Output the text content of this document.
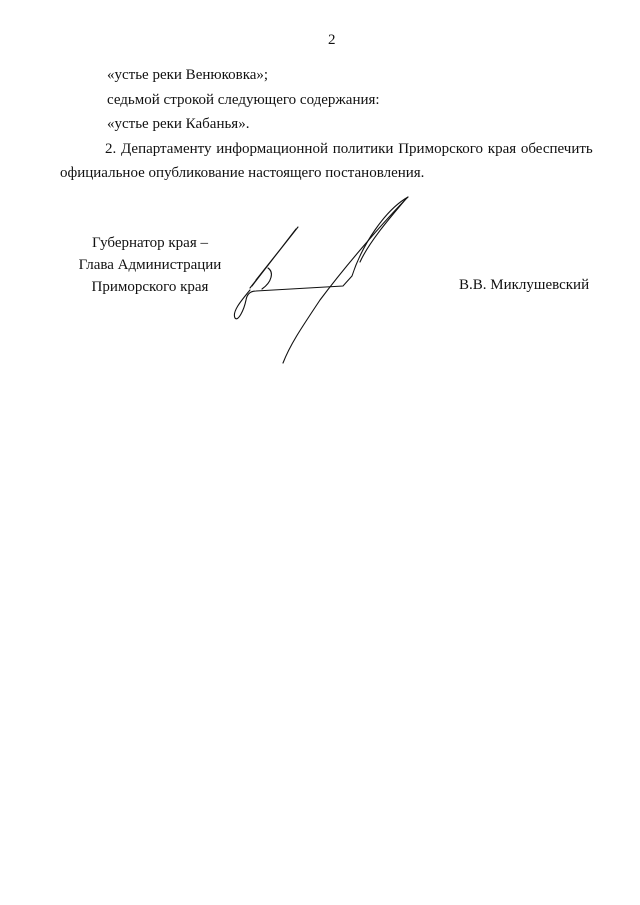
2
«устье реки Венюковка»;
седьмой строкой следующего содержания:
«устье реки Кабанья».
2. Департаменту информационной политики Приморского края обеспечить
официальное опубликование настоящего постановления.
Губернатор края –
Глава Администрации
Приморского края	В.В. Миклушевский
